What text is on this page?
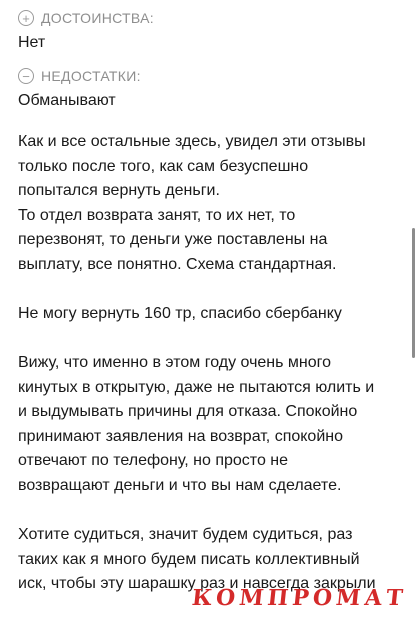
+ ДОСТОИНСТВА:
Нет
− НЕДОСТАТКИ:
Обманывают
Как и все остальные здесь, увидел эти отзывы
только после того, как сам безуспешно
попытался вернуть деньги.
То отдел возврата занят, то их нет, то
перезвонят, то деньги уже поставлены на
выплату, все понятно. Схема стандартная.
Не могу вернуть 160 тр, спасибо сбербанку
Вижу, что именно в этом году очень много
кинутых в открытую, даже не пытаются юлить и
и выдумывать причины для отказа. Спокойно
принимают заявления на возврат, спокойно
отвечают по телефону, но просто не
возвращают деньги и что вы нам сделаете.
Хотите судиться, значит будем судиться, раз
таких как я много будем писать коллективный
иск, чтобы эту шарашку раз и навсегда закрыли
КОМПРОМАТ
